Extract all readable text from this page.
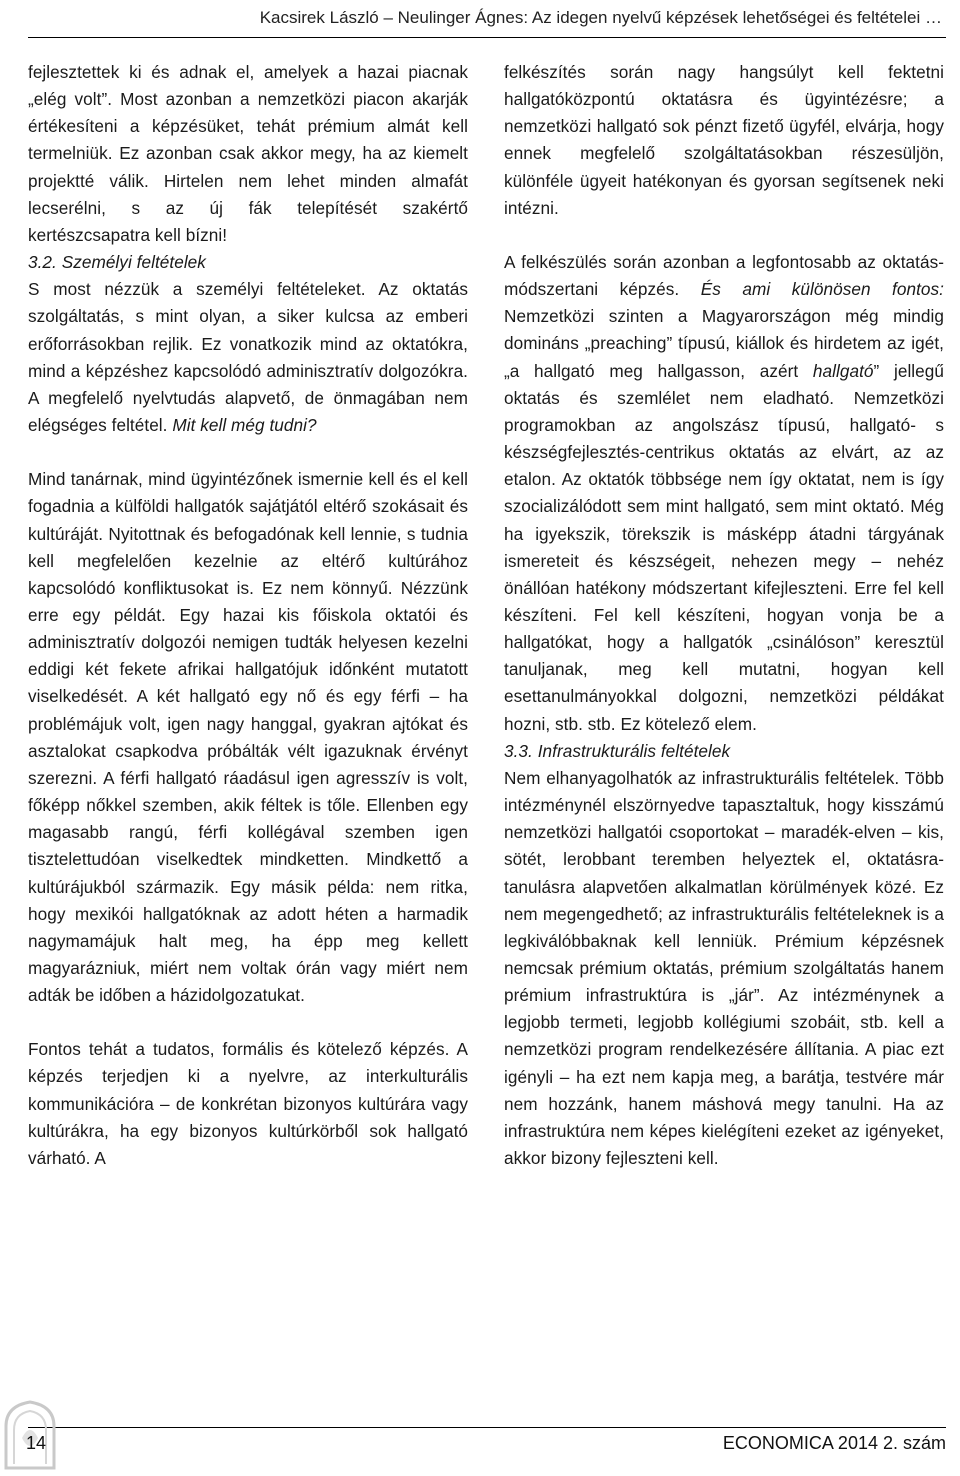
Kacsirek László – Neulinger Ágnes: Az idegen nyelvű képzések lehetőségei és feltételei …

fejlesztettek ki és adnak el, amelyek a hazai piacnak „elég volt”. Most azonban a nemzetközi piacon akarják értékesíteni a képzésüket, tehát prémium almát kell termelniük. Ez azonban csak akkor megy, ha az kiemelt projektté válik. Hirtelen nem lehet minden almafát lecserélni, s az új fák telepítését szakértő kertészcsapatra kell bízni!

3.2. Személyi feltételek

S most nézzük a személyi feltételeket. Az oktatás szolgáltatás, s mint olyan, a siker kulcsa az emberi erőforrásokban rejlik. Ez vonatkozik mind az oktatókra, mind a képzéshez kapcsolódó adminisztratív dolgozókra. A megfelelő nyelvtudás alapvető, de önmagában nem elégséges feltétel. Mit kell még tudni?

Mind tanárnak, mind ügyintézőnek ismernie kell és el kell fogadnia a külföldi hallgatók sajátjától eltérő szokásait és kultúráját. Nyitottnak és befogadónak kell lennie, s tudnia kell megfelelően kezelnie az eltérő kultúrához kapcsolódó konfliktusokat is. Ez nem könnyű. Nézzünk erre egy példát. Egy hazai kis főiskola oktatói és adminisztratív dolgozói nemigen tudták helyesen kezelni eddigi két fekete afrikai hallgatójuk időnként mutatott viselkedését. A két hallgató egy nő és egy férfi – ha problémájuk volt, igen nagy hanggal, gyakran ajtókat és asztalokat csapkodva próbálták vélt igazuknak érvényt szerezni. A férfi hallgató ráadásul igen agresszív is volt, főképp nőkkel szemben, akik féltek is tőle. Ellenben egy magasabb rangú, férfi kollégával szemben igen tisztelettudóan viselkedtek mindketten. Mindkettő a kultúrájukból származik. Egy másik példa: nem ritka, hogy mexikói hallgatóknak az adott héten a harmadik nagymamájuk halt meg, ha épp meg kellett magyarázniuk, miért nem voltak órán vagy miért nem adták be időben a házidolgozatukat.

Fontos tehát a tudatos, formális és kötelező képzés. A képzés terjedjen ki a nyelvre, az interkulturális kommunikációra – de konkrétan bizonyos kultúrára vagy kultúrákra, ha egy bizonyos kultúrkörből sok hallgató várható. A

felkészítés során nagy hangsúlyt kell fektetni hallgatóközpontú oktatásra és ügyintézésre; a nemzetközi hallgató sok pénzt fizető ügyfél, elvárja, hogy ennek megfelelő szolgáltatásokban részesüljön, különféle ügyeit hatékonyan és gyorsan segítsenek neki intézni.

A felkészülés során azonban a legfontosabb az oktatás-módszertani képzés. És ami különösen fontos: Nemzetközi szinten a Magyarországon még mindig domináns „preaching” típusú, kiállok és hirdetem az igét, „a hallgató meg hallgasson, azért hallgató” jellegű oktatás és szemlélet nem eladható. Nemzetközi programokban az angolszász típusú, hallgató- s készségfejlesztés-centrikus oktatás az elvárt, az az etalon. Az oktatók többsége nem így oktatat, nem is így szocializálódott sem mint hallgató, sem mint oktató. Még ha igyekszik, törekszik is másképp átadni tárgyának ismereteit és készségeit, nehezen megy – nehéz önállóan hatékony módszertant kifejleszteni. Erre fel kell készíteni. Fel kell készíteni, hogyan vonja be a hallgatókat, hogy a hallgatók „csinálóson” keresztül tanuljanak, meg kell mutatni, hogyan kell esettanulmányokkal dolgozni, nemzetközi példákat hozni, stb. stb. Ez kötelező elem.

3.3. Infrastrukturális feltételek

Nem elhanyagolhatók az infrastrukturális feltételek. Több intézménynél elszörnyedve tapasztaltuk, hogy kisszámú nemzetközi hallgatói csoportokat – maradék-elven – kis, sötét, lerobbant teremben helyeztek el, oktatásra-tanulásra alapvetően alkalmatlan körülmények közé. Ez nem megengedhető; az infrastrukturális feltételeknek is a legkiválóbbaknak kell lenniük. Prémium képzésnek nemcsak prémium oktatás, prémium szolgáltatás hanem prémium infrastruktúra is „jár”. Az intézménynek a legjobb termeti, legjobb kollégiumi szobáit, stb. kell a nemzetközi program rendelkezésére állítania. A piac ezt igényli – ha ezt nem kapja meg, a barátja, testvére már nem hozzánk, hanem máshová megy tanulni. Ha az infrastruktúra nem képes kielégíteni ezeket az igényeket, akkor bizony fejleszteni kell.

14	ECONOMICA 2014 2. szám
